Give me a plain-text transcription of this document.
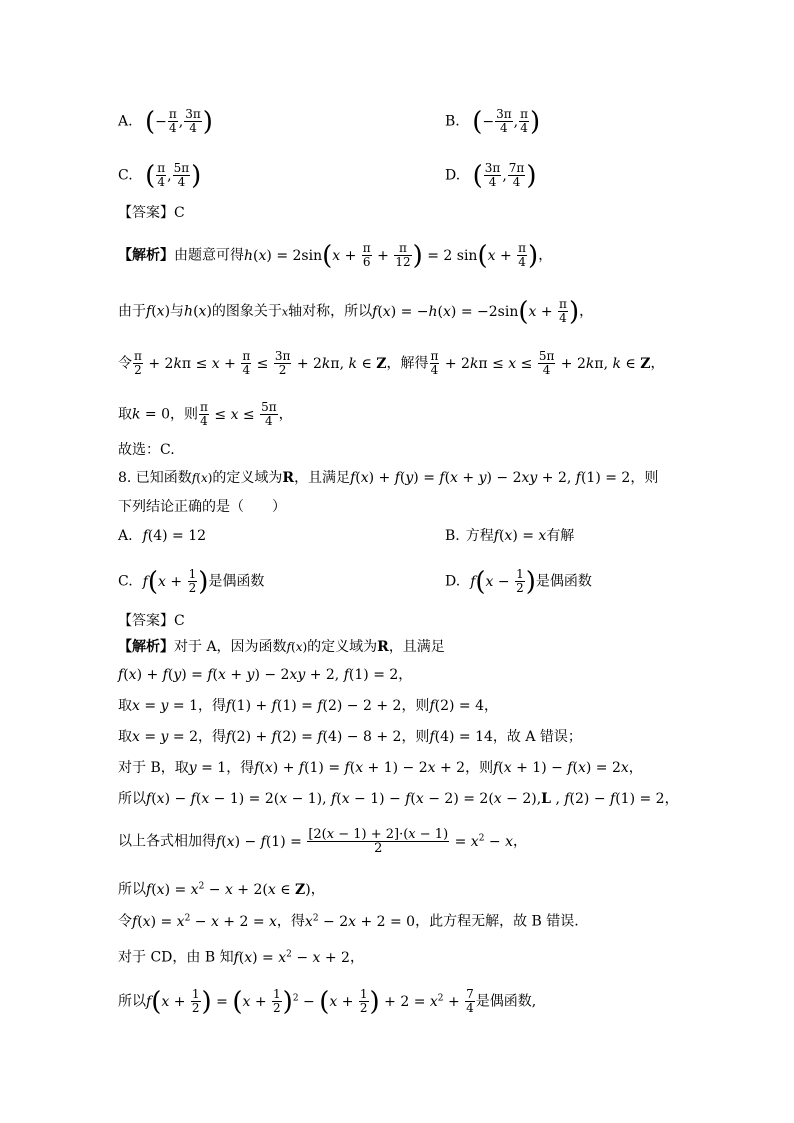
A. (− $\frac{\pi}{4}$ , $\frac{3\pi}{4}$ )	B. (− $\frac{3\pi}{4}$ , $\frac{\pi}{4}$ )
C. ( $\frac{\pi}{4}$ , $\frac{5\pi}{4}$ )	D. ( $\frac{3\pi}{4}$ , $\frac{7\pi}{4}$ )
【答案】C
【解析】由题意可得$h(x) = 2\sin(x + \frac{\pi}{6} + \frac{\pi}{12}$ ) = 2 $\sin(x + \frac{\pi}{4}$ )，
由于f(x)与h(x)的图象关于x轴对称，所以$f(x) = -h(x) = -2\sin(x + \frac{\pi}{4}$ )，
令 $\frac{\pi}{2} + 2k\pi \le x + \frac{\pi}{4} \le \frac{3\pi}{2} + 2k\pi$, k ∈ Z，解得 $\frac{\pi}{4} + 2k\pi \le x \le \frac{5\pi}{4} + 2k\pi$, k ∈ Z，
取k = 0，则 $\frac{\pi}{4} \le x \le \frac{5\pi}{4}$ ，
故选：C.
8. 已知函数f(x)的定义域为R，且满足f(x) + f(y) = f(x + y) − 2xy + 2, f(1) = 2，则
下列结论正确的是（　　）
A. f(4) = 12	B. 方程f(x) = x有解
C. $f(x + \frac{1}{2}$ )是偶函数	D. $f(x - \frac{1}{2}$ )是偶函数
【答案】C
【解析】对于 A，因为函数f(x)的定义域为R，且满足
f(x) + f(y) = f(x + y) − 2xy + 2, f(1) = 2，
取x = y = 1，得f(1) + f(1) = f(2) − 2 + 2，则f(2) = 4，
取x = y = 2，得f(2) + f(2) = f(4) − 8 + 2，则f(4) = 14，故 A 错误；
对于 B，取y = 1，得f(x) + f(1) = f(x + 1) − 2x + 2，则f(x + 1) − f(x) = 2x，
所以f(x) − f(x − 1) = 2(x − 1), f(x − 1) − f(x − 2) = 2(x − 2),L , f(2) − f(1) = 2，
以上各式相加得$f(x) - f(1) = \frac{[2(x - 1) + 2]\cdot(x - 1)}{2} = x^2 - x$，
所以$f(x) = x^2 - x + 2(x$ ∈ Z)，
令$f(x) = x^2 - x + 2 = x$，得$x^2 - 2x + 2 = 0$，此方程无解，故 B 错误.
对于 CD，由 B 知$f(x) = x^2 - x + 2$，
所以$f(x + \frac{1}{2}$ ) = $(x + \frac{1}{2} )^2 - (x + \frac{1}{2}$ ) + $2 = x^2 + \frac{7}{4}$ 是偶函数,
